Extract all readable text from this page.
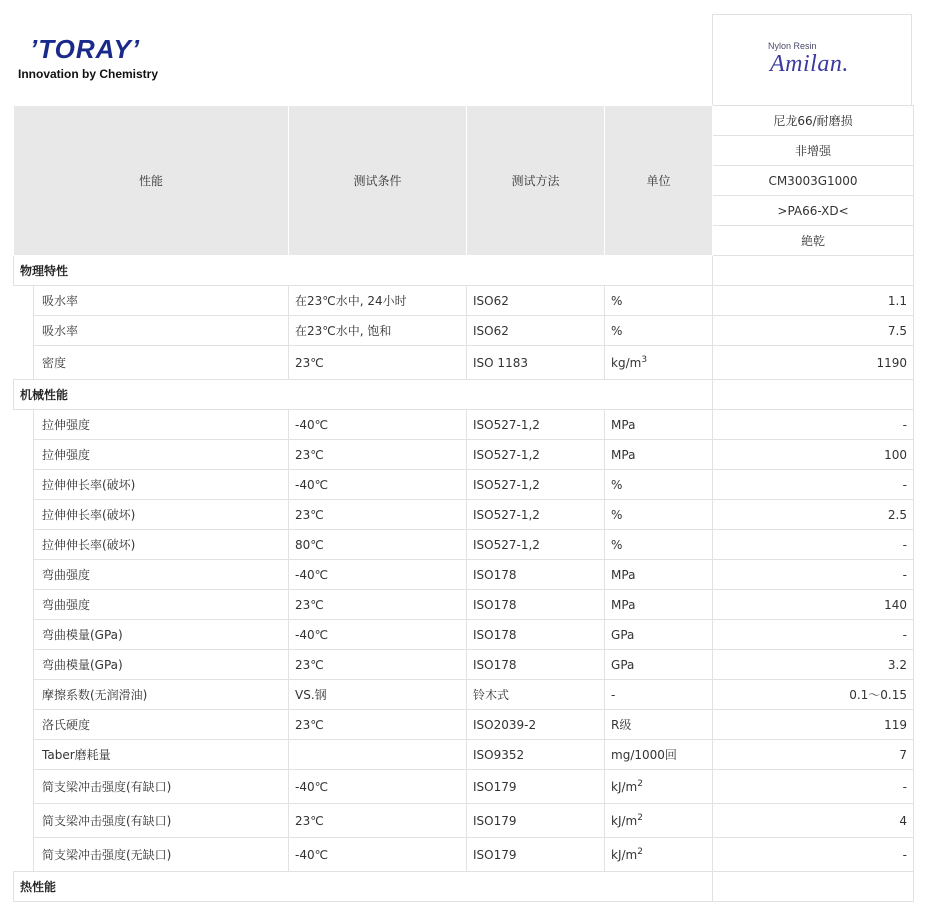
’TORAY’
Innovation by Chemistry
Nylon Resin
Amilan.
性能		测试条件	测试方法	单位	尼龙66/耐磨损
					非增强
					CM3003G1000
					>PA66-XD<
					絶乾
物理特性					
	吸水率	在23℃水中, 24小时	ISO62	%	1.1
	吸水率	在23℃水中, 饱和	ISO62	%	7.5
	密度	23℃	ISO 1183	$kg/m^3$	1190
机械性能					
	拉伸强度	-40℃	ISO527-1,2	MPa	-
	拉伸强度	23℃	ISO527-1,2	MPa	100
	拉伸伸长率(破坏)	-40℃	ISO527-1,2	%	-
	拉伸伸长率(破坏)	23℃	ISO527-1,2	%	2.5
	拉伸伸长率(破坏)	80℃	ISO527-1,2	%	-
	弯曲强度	-40℃	ISO178	MPa	-
	弯曲强度	23℃	ISO178	MPa	140
	弯曲模量(GPa)	-40℃	ISO178	GPa	-
	弯曲模量(GPa)	23℃	ISO178	GPa	3.2
	摩擦系数(无润滑油)	VS.钢	铃木式	-	0.1～0.15
	洛氏硬度	23℃	ISO2039-2	R级	119
	Taber磨耗量		ISO9352	mg/1000回	7
	简支梁冲击强度(有缺口)	-40℃	ISO179	$kJ/m^2$	-
	简支梁冲击强度(有缺口)	23℃	ISO179	$kJ/m^2$	4
	简支梁冲击强度(无缺口)	-40℃	ISO179	$kJ/m^2$	-
热性能					
